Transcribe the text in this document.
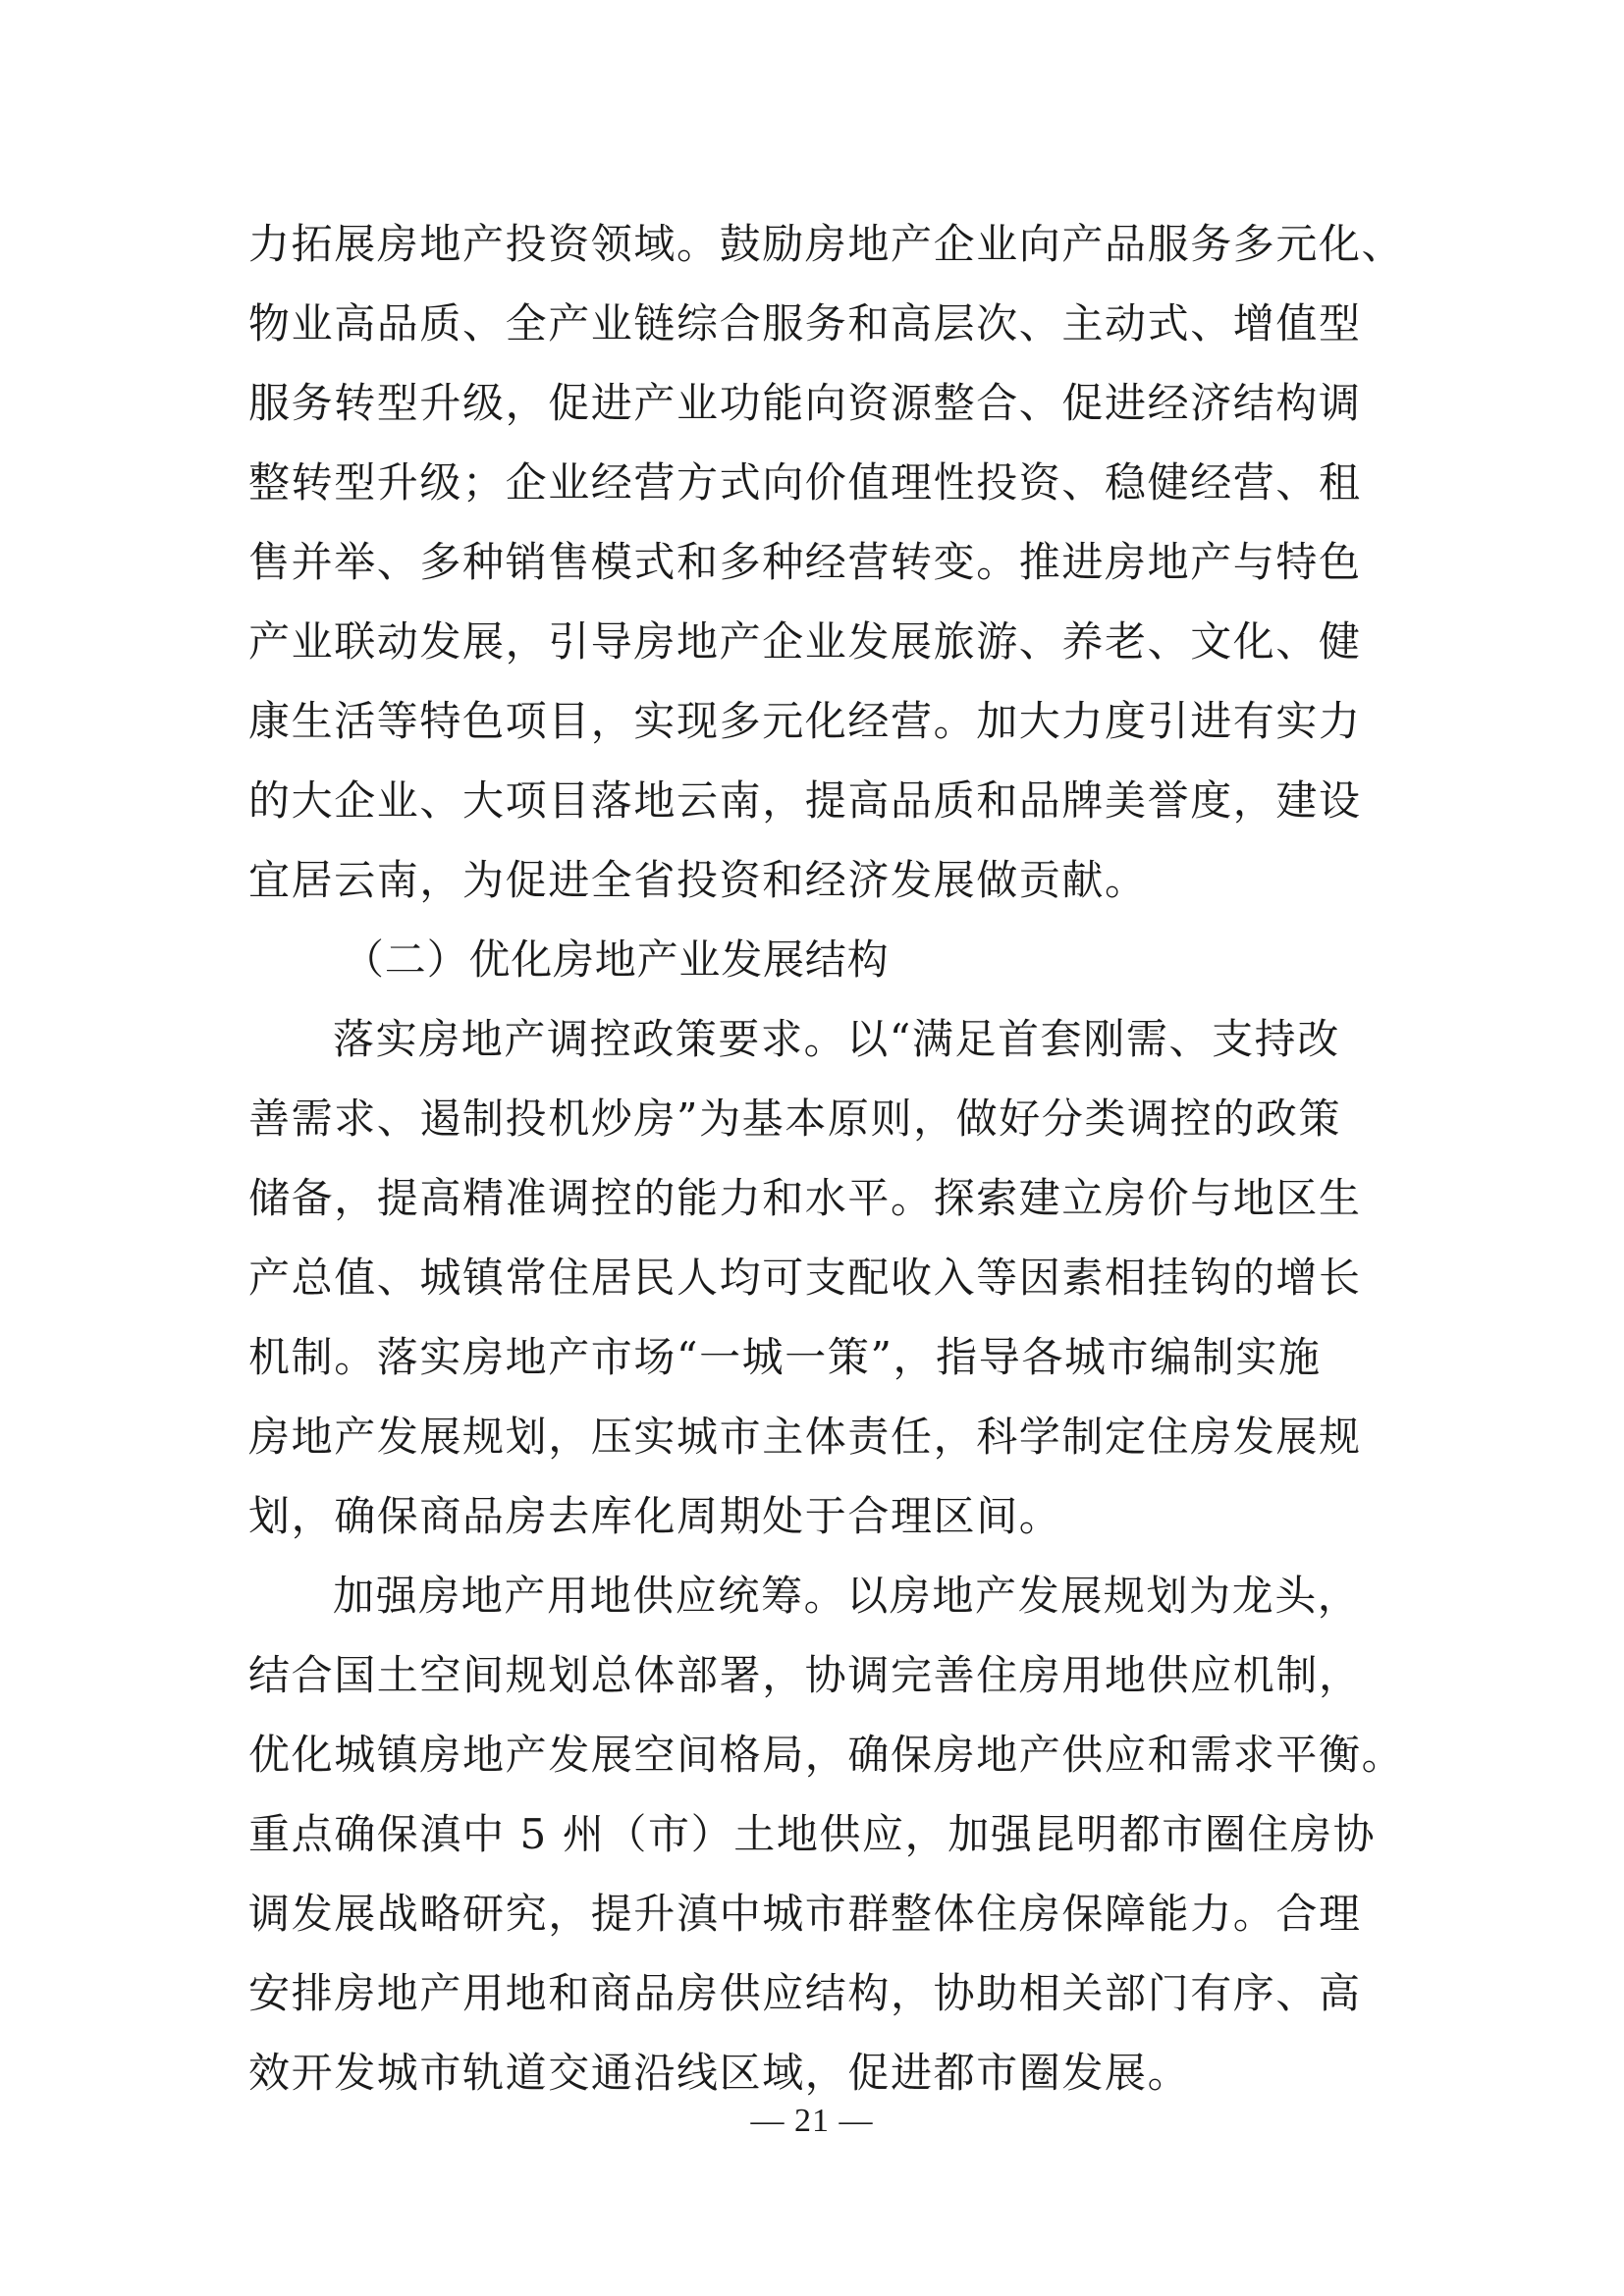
力拓展房地产投资领域。鼓励房地产企业向产品服务多元化、
物业高品质、全产业链综合服务和高层次、主动式、增值型
服务转型升级，促进产业功能向资源整合、促进经济结构调
整转型升级；企业经营方式向价值理性投资、稳健经营、租
售并举、多种销售模式和多种经营转变。推进房地产与特色
产业联动发展，引导房地产企业发展旅游、养老、文化、健
康生活等特色项目，实现多元化经营。加大力度引进有实力
的大企业、大项目落地云南，提高品质和品牌美誉度，建设
宜居云南，为促进全省投资和经济发展做贡献。
（二）优化房地产业发展结构
落实房地产调控政策要求。以“满足首套刚需、支持改
善需求、遏制投机炒房”为基本原则，做好分类调控的政策
储备，提高精准调控的能力和水平。探索建立房价与地区生
产总值、城镇常住居民人均可支配收入等因素相挂钩的增长
机制。落实房地产市场“一城一策”，指导各城市编制实施
房地产发展规划，压实城市主体责任，科学制定住房发展规
划，确保商品房去库化周期处于合理区间。
加强房地产用地供应统筹。以房地产发展规划为龙头，
结合国土空间规划总体部署，协调完善住房用地供应机制，
优化城镇房地产发展空间格局，确保房地产供应和需求平衡。
重点确保滇中 5 州（市）土地供应，加强昆明都市圈住房协
调发展战略研究，提升滇中城市群整体住房保障能力。合理
安排房地产用地和商品房供应结构，协助相关部门有序、高
效开发城市轨道交通沿线区域，促进都市圈发展。
— 21 —
